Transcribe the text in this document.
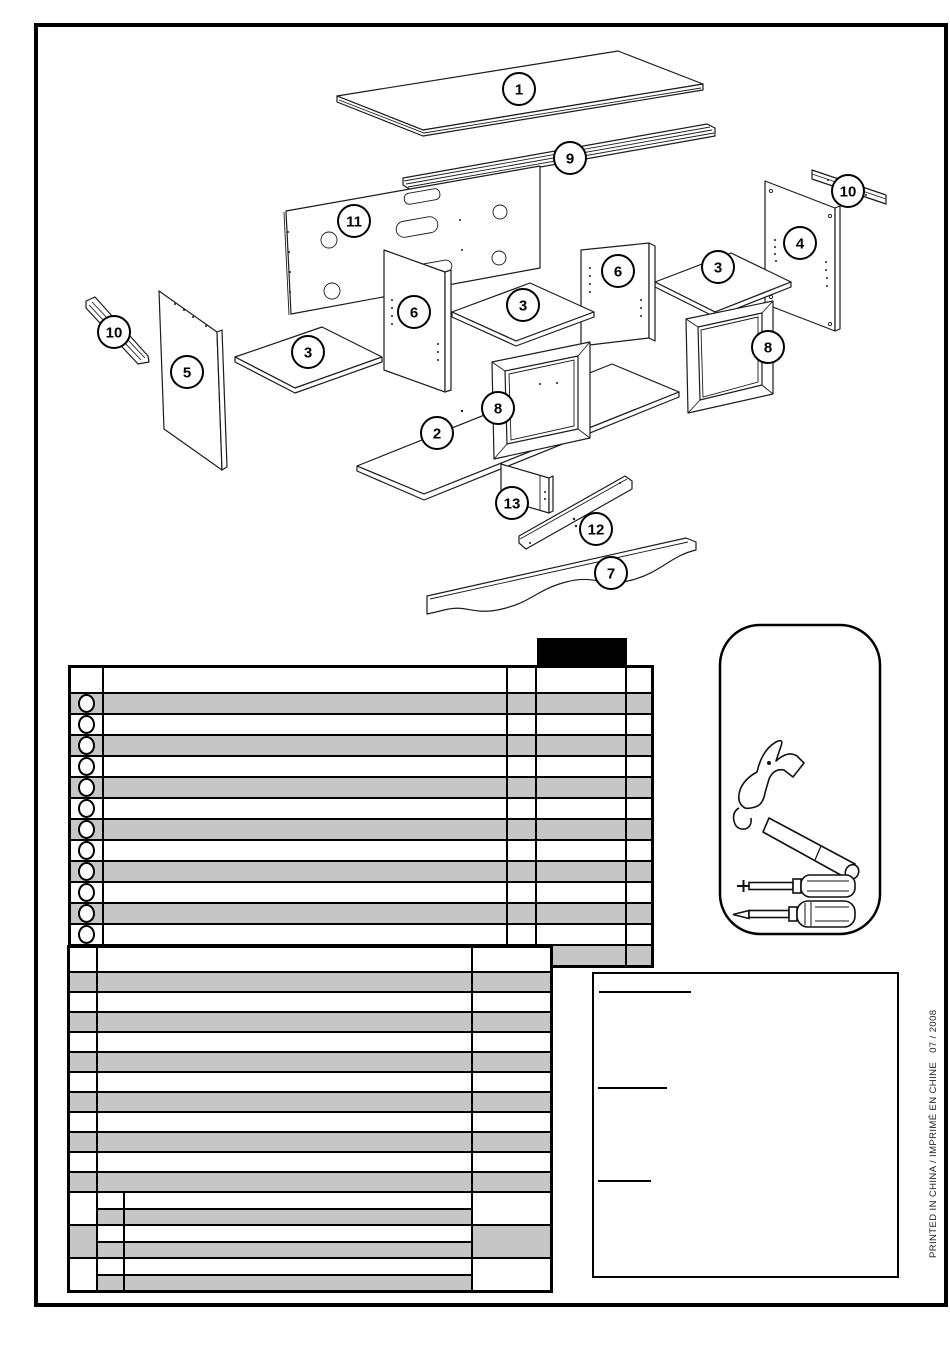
1
9
10
11
4
3
6
3
6
10
8
3
5
8
2
13
12
7
PRINTED IN CHINA / IMPRIMÉ EN CHINE   07 / 2008
